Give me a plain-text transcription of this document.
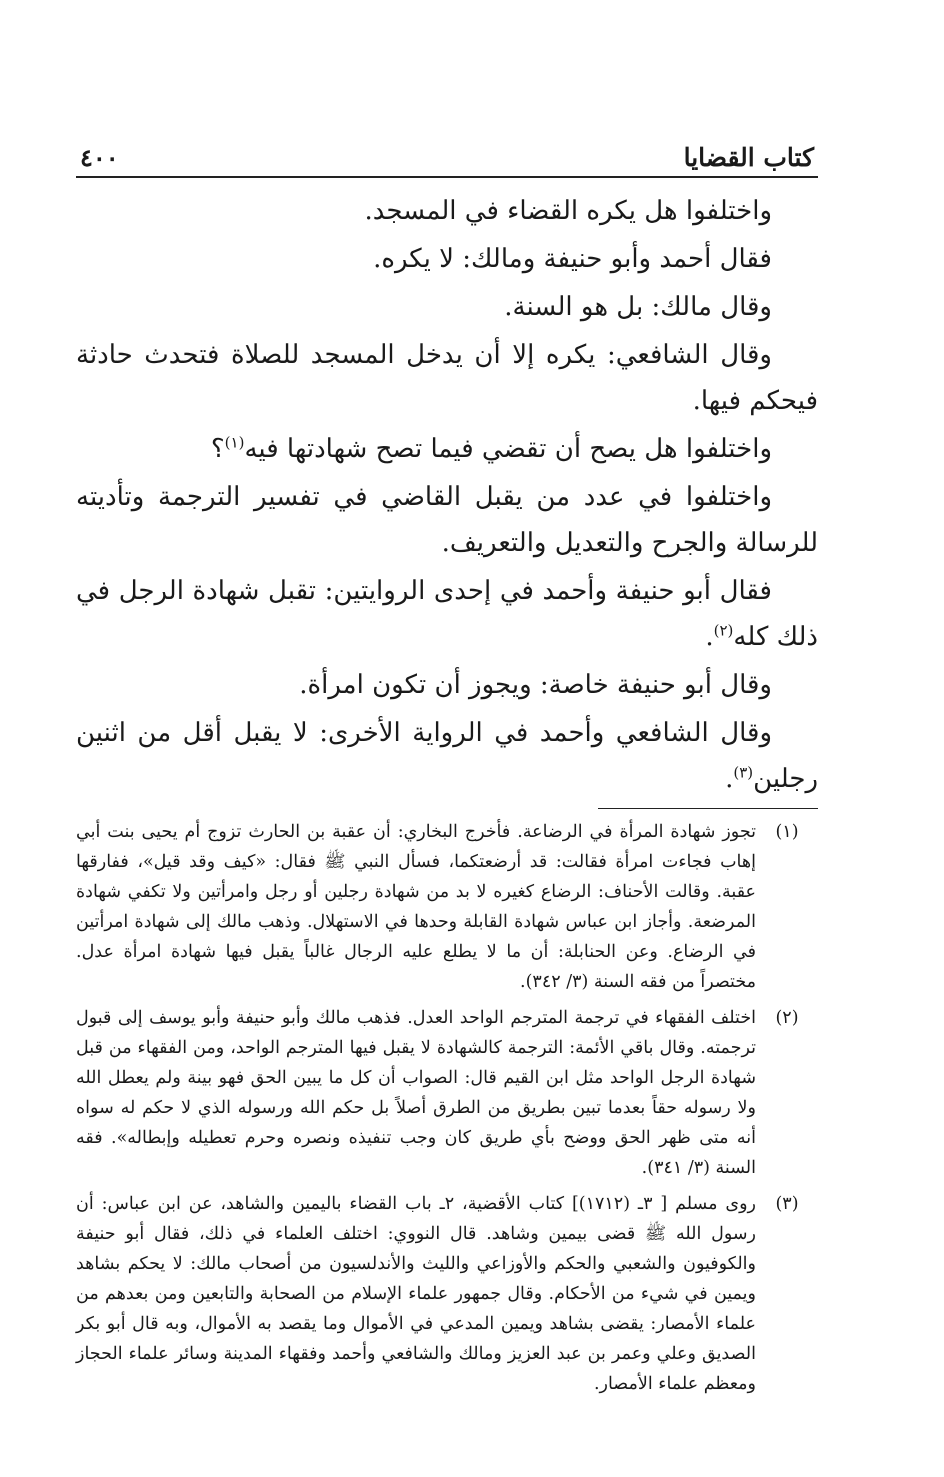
كتاب القضايا
٤٠٠

واختلفوا هل يكره القضاء في المسجد.

فقال أحمد وأبو حنيفة ومالك: لا يكره.

وقال مالك: بل هو السنة.

وقال الشافعي: يكره إلا أن يدخل المسجد للصلاة فتحدث حادثة فيحكم فيها.

واختلفوا هل يصح أن تقضي فيما تصح شهادتها فيه$^{(١)}$؟

واختلفوا في عدد من يقبل القاضي في تفسير الترجمة وتأديته للرسالة والجرح والتعديل والتعريف.

فقال أبو حنيفة وأحمد في إحدى الروايتين: تقبل شهادة الرجل في ذلك كله$^{(٢)}$.

وقال أبو حنيفة خاصة: ويجوز أن تكون امرأة.

وقال الشافعي وأحمد في الرواية الأخرى: لا يقبل أقل من اثنين رجلين$^{(٣)}$.

(١)
تجوز شهادة المرأة في الرضاعة. فأخرج البخاري: أن عقبة بن الحارث تزوج أم يحيى بنت أبي إهاب فجاءت امرأة فقالت: قد أرضعتكما، فسأل النبي ﷺ فقال: «كيف وقد قيل»، ففارقها عقبة. وقالت الأحناف: الرضاع كغيره لا بد من شهادة رجلين أو رجل وامرأتين ولا تكفي شهادة المرضعة. وأجاز ابن عباس شهادة القابلة وحدها في الاستهلال. وذهب مالك إلى شهادة امرأتين في الرضاع. وعن الحنابلة: أن ما لا يطلع عليه الرجال غالباً يقبل فيها شهادة امرأة عدل. مختصراً من فقه السنة (٣/ ٣٤٢).
(٢)
اختلف الفقهاء في ترجمة المترجم الواحد العدل. فذهب مالك وأبو حنيفة وأبو يوسف إلى قبول ترجمته. وقال باقي الأئمة: الترجمة كالشهادة لا يقبل فيها المترجم الواحد، ومن الفقهاء من قبل شهادة الرجل الواحد مثل ابن القيم قال: الصواب أن كل ما يبين الحق فهو بينة ولم يعطل الله ولا رسوله حقاً بعدما تبين بطريق من الطرق أصلاً بل حكم الله ورسوله الذي لا حكم له سواه أنه متى ظهر الحق ووضح بأي طريق كان وجب تنفيذه ونصره وحرم تعطيله وإبطاله». فقه السنة (٣/ ٣٤١).
(٣)
روى مسلم [ ٣ـ (١٧١٢)] كتاب الأقضية، ٢ـ باب القضاء باليمين والشاهد، عن ابن عباس: أن رسول الله ﷺ قضى بيمين وشاهد. قال النووي: اختلف العلماء في ذلك، فقال أبو حنيفة والكوفيون والشعبي والحكم والأوزاعي والليث والأندلسيون من أصحاب مالك: لا يحكم بشاهد ويمين في شيء من الأحكام. وقال جمهور علماء الإسلام من الصحابة والتابعين ومن بعدهم من علماء الأمصار: يقضى بشاهد ويمين المدعي في الأموال وما يقصد به الأموال، وبه قال أبو بكر الصديق وعلي وعمر بن عبد العزيز ومالك والشافعي وأحمد وفقهاء المدينة وسائر علماء الحجاز ومعظم علماء الأمصار.
